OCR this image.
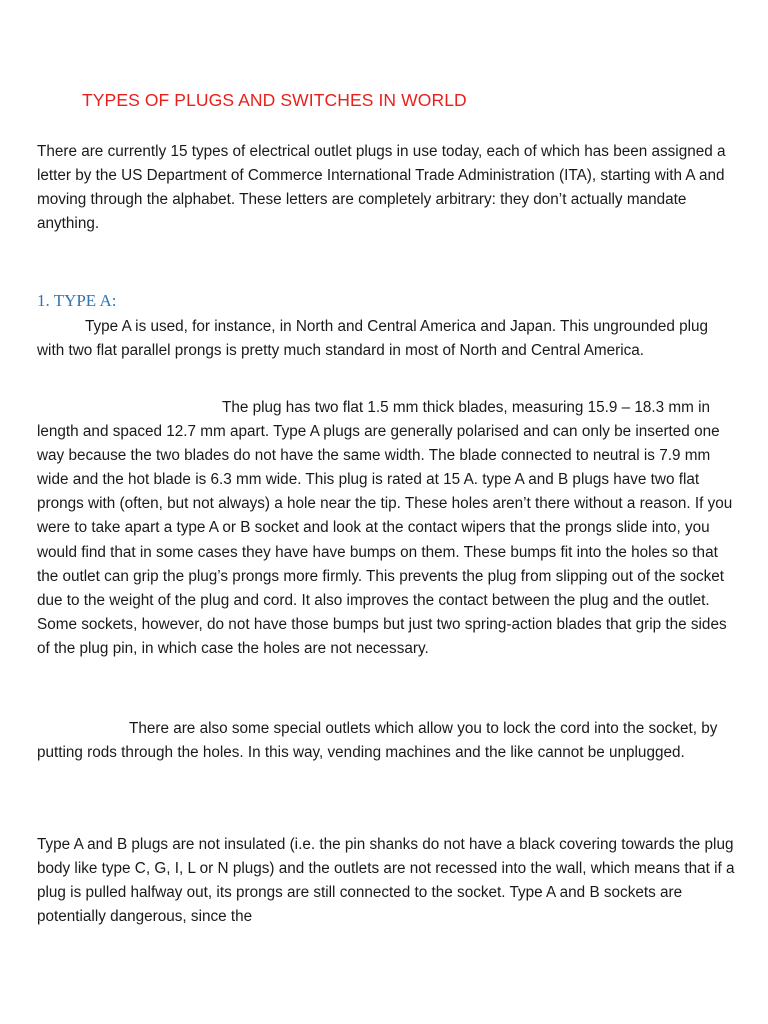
TYPES OF PLUGS AND SWITCHES IN WORLD

There are currently 15 types of electrical outlet plugs in use today, each of which has been assigned a letter by the US Department of Commerce International Trade Administration (ITA), starting with A and moving through the alphabet. These letters are completely arbitrary: they don’t actually mandate anything.

1. TYPE A:

Type A is used, for instance, in North and Central America and Japan. This ungrounded plug with two flat parallel prongs is pretty much standard in most of North and Central America.

The plug has two flat 1.5 mm thick blades, measuring 15.9 – 18.3 mm in length and spaced 12.7 mm apart. Type A plugs are generally polarised and can only be inserted one way because the two blades do not have the same width. The blade connected to neutral is 7.9 mm wide and the hot blade is 6.3 mm wide. This plug is rated at 15 A. type A and B plugs have two flat prongs with (often, but not always) a hole near the tip. These holes aren’t there without a reason. If you were to take apart a type A or B socket and look at the contact wipers that the prongs slide into, you would find that in some cases they have have bumps on them. These bumps fit into the holes so that the outlet can grip the plug’s prongs more firmly. This prevents the plug from slipping out of the socket due to the weight of the plug and cord. It also improves the contact between the plug and the outlet. Some sockets, however, do not have those bumps but just two spring-action blades that grip the sides of the plug pin, in which case the holes are not necessary.

There are also some special outlets which allow you to lock the cord into the socket, by putting rods through the holes. In this way, vending machines and the like cannot be unplugged.

Type A and B plugs are not insulated (i.e. the pin shanks do not have a black covering towards the plug body like type C, G, I, L or N plugs) and the outlets are not recessed into the wall, which means that if a plug is pulled halfway out, its prongs are still connected to the socket. Type A and B sockets are potentially dangerous, since the
